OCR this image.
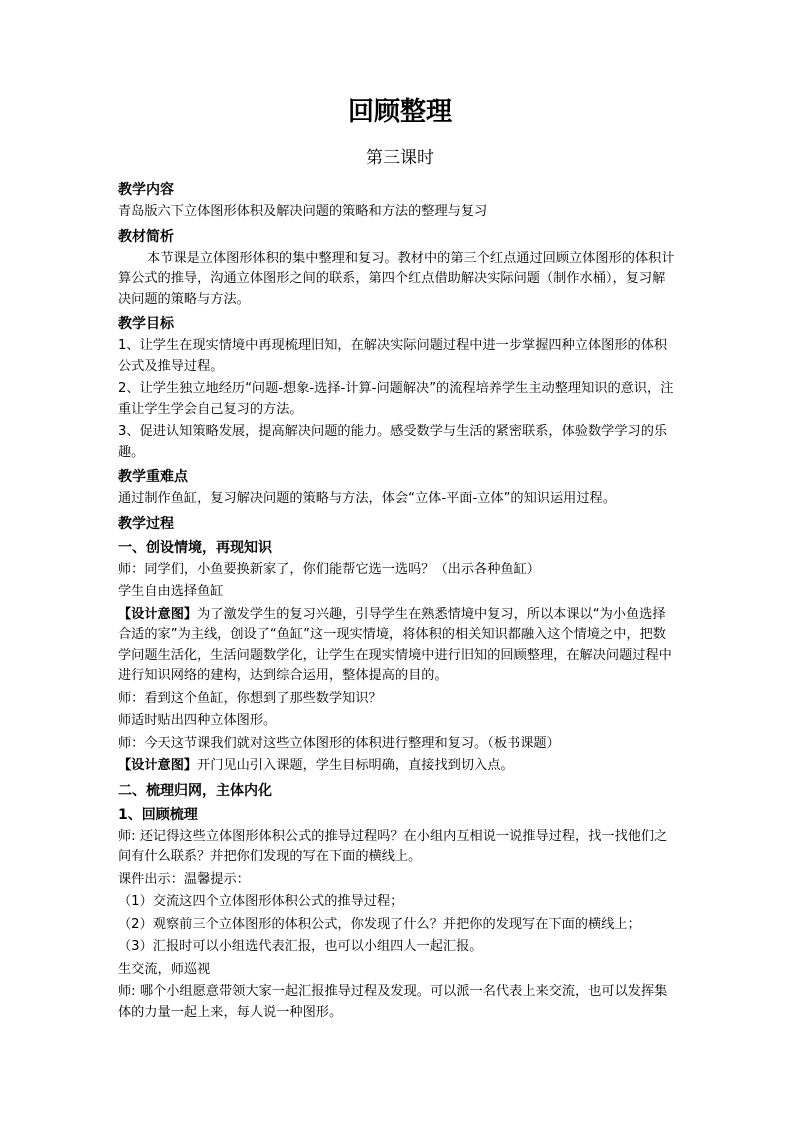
回顾整理
第三课时
教学内容
青岛版六下立体图形体积及解决问题的策略和方法的整理与复习
教材简析
本节课是立体图形体积的集中整理和复习。教材中的第三个红点通过回顾立体图形的体积计算公式的推导，沟通立体图形之间的联系，第四个红点借助解决实际问题（制作水桶），复习解决问题的策略与方法。
教学目标
1、让学生在现实情境中再现梳理旧知，在解决实际问题过程中进一步掌握四种立体图形的体积公式及推导过程。
2、让学生独立地经历“问题-想象-选择-计算-问题解决”的流程培养学生主动整理知识的意识，注重让学生学会自己复习的方法。
3、促进认知策略发展，提高解决问题的能力。感受数学与生活的紧密联系，体验数学学习的乐趣。
教学重难点
通过制作鱼缸，复习解决问题的策略与方法，体会“立体-平面-立体”的知识运用过程。
教学过程
一、创设情境，再现知识
师：同学们，小鱼要换新家了，你们能帮它选一选吗？（出示各种鱼缸）
学生自由选择鱼缸
【设计意图】为了激发学生的复习兴趣，引导学生在熟悉情境中复习，所以本课以“为小鱼选择合适的家”为主线，创设了“鱼缸”这一现实情境，将体积的相关知识都融入这个情境之中，把数学问题生活化，生活问题数学化，让学生在现实情境中进行旧知的回顾整理，在解决问题过程中进行知识网络的建构，达到综合运用，整体提高的目的。
师：看到这个鱼缸，你想到了那些数学知识？
师适时贴出四种立体图形。
师：今天这节课我们就对这些立体图形的体积进行整理和复习。（板书课题）
【设计意图】开门见山引入课题，学生目标明确，直接找到切入点。
二、梳理归网，主体内化
1、回顾梳理
师: 还记得这些立体图形体积公式的推导过程吗？在小组内互相说一说推导过程，找一找他们之间有什么联系？并把你们发现的写在下面的横线上。
课件出示：温馨提示：
（1）交流这四个立体图形体积公式的推导过程；
（2）观察前三个立体图形的体积公式，你发现了什么？并把你的发现写在下面的横线上；
（3）汇报时可以小组选代表汇报，也可以小组四人一起汇报。
生交流，师巡视
师: 哪个小组愿意带领大家一起汇报推导过程及发现。可以派一名代表上来交流，也可以发挥集体的力量一起上来，每人说一种图形。
